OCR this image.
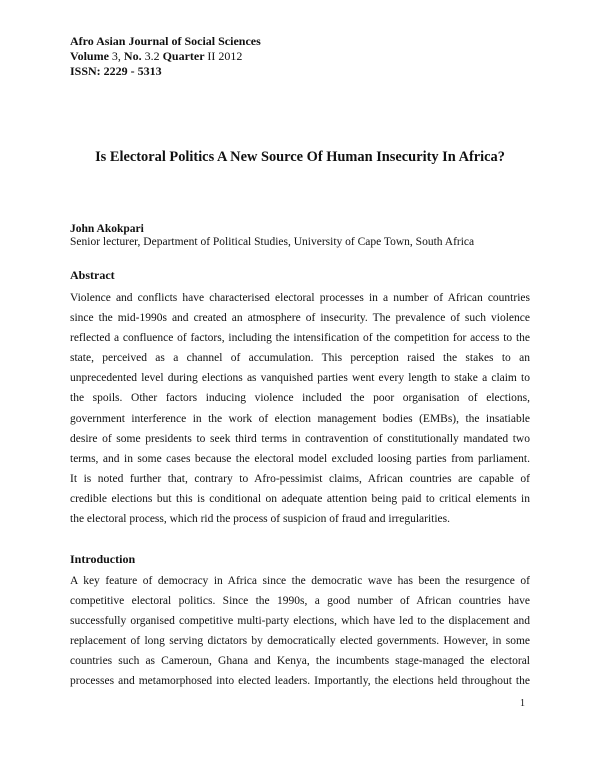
Afro Asian Journal of Social Sciences
Volume 3, No. 3.2 Quarter II 2012
ISSN: 2229 - 5313
Is Electoral Politics A New Source Of Human Insecurity In Africa?
John Akokpari
Senior lecturer, Department of Political Studies, University of Cape Town, South Africa
Abstract
Violence and conflicts have characterised electoral processes in a number of African countries
since the mid-1990s and created an atmosphere of insecurity. The prevalence of such violence
reflected a confluence of factors, including the intensification of the competition for access to the
state, perceived as a channel of accumulation. This perception raised the stakes to an
unprecedented level during elections as vanquished parties went every length to stake a claim to
the spoils. Other factors inducing violence included the poor organisation of elections,
government interference in the work of election management bodies (EMBs), the insatiable
desire of some presidents to seek third terms in contravention of constitutionally mandated two
terms, and in some cases because the electoral model excluded loosing parties from parliament.
It is noted further that, contrary to Afro-pessimist claims, African countries are capable of
credible elections but this is conditional on adequate attention being paid to critical elements in
the electoral process, which rid the process of suspicion of fraud and irregularities.
Introduction
A key feature of democracy in Africa since the democratic wave has been the resurgence of
competitive electoral politics. Since the 1990s, a good number of African countries have
successfully organised competitive multi-party elections, which have led to the displacement and
replacement of long serving dictators by democratically elected governments. However, in some
countries such as Cameroun, Ghana and Kenya, the incumbents stage-managed the electoral
processes and metamorphosed into elected leaders. Importantly, the elections held throughout the
1
